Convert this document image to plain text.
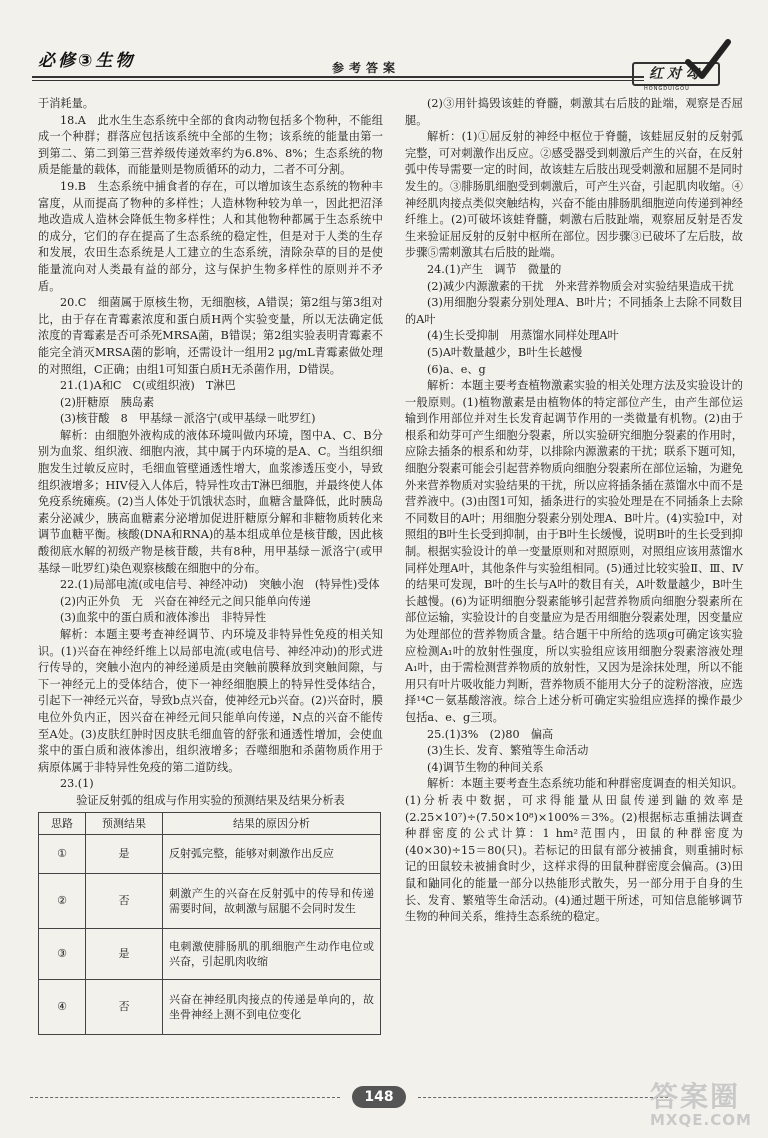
必修③生物	参考答案	红对勾
HONGDUIGOU

于消耗量。

18.A　此水生生态系统中全部的食肉动物包括多个物种，不能组成一个种群；群落应包括该系统中全部的生物；该系统的能量由第一到第二、第二到第三营养级传递效率约为6.8%、8%；生态系统的物质是能量的载体，而能量则是物质循环的动力，二者不可分割。

19.B　生态系统中捕食者的存在，可以增加该生态系统的物种丰富度，从而提高了物种的多样性；人造林物种较为单一，因此把沼泽地改造成人造林会降低生物多样性；人和其他物种都属于生态系统中的成分，它们的存在提高了生态系统的稳定性，但是对于人类的生存和发展，农田生态系统是人工建立的生态系统，清除杂草的目的是使能量流向对人类最有益的部分，这与保护生物多样性的原则并不矛盾。

20.C　细菌属于原核生物，无细胞核，A错误；第2组与第3组对比，由于存在青霉素浓度和蛋白质H两个实验变量，所以无法确定低浓度的青霉素是否可杀死MRSA菌，B错误；第2组实验表明青霉素不能完全消灭MRSA菌的影响，还需设计一组用2 μg/mL青霉素做处理的对照组，C正确；由组1可知蛋白质H无杀菌作用，D错误。

21.(1)A和C　C(或组织液)　T淋巴

(2)肝糖原　胰岛素

(3)核苷酸　8　甲基绿－派洛宁(或甲基绿－吡罗红)

解析：由细胞外液构成的液体环境叫做内环境，图中A、C、B分别为血浆、组织液、细胞内液，其中属于内环境的是A、C。当组织细胞发生过敏反应时，毛细血管壁通透性增大，血浆渗透压变小，导致组织液增多；HIV侵入人体后，特异性攻击T淋巴细胞，并最终使人体免疫系统瘫痪。(2)当人体处于饥饿状态时，血糖含量降低，此时胰岛素分泌减少，胰高血糖素分泌增加促进肝糖原分解和非糖物质转化来调节血糖平衡。核酸(DNA和RNA)的基本组成单位是核苷酸，因此核酸彻底水解的初级产物是核苷酸，共有8种，用甲基绿－派洛宁(或甲基绿－吡罗红)染色观察核酸在细胞中的分布。

22.(1)局部电流(或电信号、神经冲动)　突触小泡　(特异性)受体

(2)内正外负　无　兴奋在神经元之间只能单向传递

(3)血浆中的蛋白质和液体渗出　非特异性

解析：本题主要考查神经调节、内环境及非特异性免疫的相关知识。(1)兴奋在神经纤维上以局部电流(或电信号、神经冲动)的形式进行传导的，突触小泡内的神经递质是由突触前膜释放到突触间隙，与下一神经元上的受体结合，使下一神经细胞膜上的特异性受体结合，引起下一神经元兴奋，导致b点兴奋，使神经元b兴奋。(2)兴奋时，膜电位外负内正，因兴奋在神经元间只能单向传递，N点的兴奋不能传至A处。(3)皮肤红肿时因皮肤毛细血管的舒张和通透性增加，会使血浆中的蛋白质和液体渗出，组织液增多；吞噬细胞和杀菌物质作用于病原体属于非特异性免疫的第二道防线。

23.(1)

验证反射弧的组成与作用实验的预测结果及结果分析表

思路	预测结果	结果的原因分析
①	是	反射弧完整，能够对刺激作出反应
②	否	刺激产生的兴奋在反射弧中的传导和传递需要时间，故刺激与屈腿不会同时发生
③	是	电刺激使腓肠肌的肌细胞产生动作电位或兴奋，引起肌肉收缩
④	否	兴奋在神经肌肉接点的传递是单向的，故坐骨神经上测不到电位变化

(2)③用针捣毁该蛙的脊髓，刺激其右后肢的趾端，观察是否屈腿。

解析：(1)①屈反射的神经中枢位于脊髓，该蛙屈反射的反射弧完整，可对刺激作出反应。②感受器受到刺激后产生的兴奋，在反射弧中传导需要一定的时间，故该蛙左后肢出现受刺激和屈腿不是同时发生的。③腓肠肌细胞受到刺激后，可产生兴奋，引起肌肉收缩。④神经肌肉接点类似突触结构，兴奋不能由腓肠肌细胞逆向传递到神经纤维上。(2)可破坏该蛙脊髓，刺激右后肢趾端，观察屈反射是否发生来验证屈反射的反射中枢所在部位。因步骤③已破坏了左后肢，故步骤⑤需刺激其右后肢的趾端。

24.(1)产生　调节　微量的

(2)减少内源激素的干扰　外来营养物质会对实验结果造成干扰

(3)用细胞分裂素分别处理A、B叶片；不同插条上去除不同数目的A叶

(4)生长受抑制　用蒸馏水同样处理A叶

(5)A叶数量越少，B叶生长越慢

(6)a、e、g

解析：本题主要考查植物激素实验的相关处理方法及实验设计的一般原则。(1)植物激素是由植物体的特定部位产生，由产生部位运输到作用部位并对生长发育起调节作用的一类微量有机物。(2)由于根系和幼芽可产生细胞分裂素，所以实验研究细胞分裂素的作用时，应除去插条的根系和幼芽，以排除内源激素的干扰；联系下题可知，细胞分裂素可能会引起营养物质向细胞分裂素所在部位运输，为避免外来营养物质对实验结果的干扰，所以应将插条插在蒸馏水中而不是营养液中。(3)由图1可知，插条进行的实验处理是在不同插条上去除不同数目的A叶；用细胞分裂素分别处理A、B叶片。(4)实验Ⅰ中，对照组的B叶生长受到抑制，由于B叶生长缓慢，说明B叶的生长受到抑制。根据实验设计的单一变量原则和对照原则，对照组应该用蒸馏水同样处理A叶，其他条件与实验组相同。(5)通过比较实验Ⅱ、Ⅲ、Ⅳ的结果可发现，B叶的生长与A叶的数目有关，A叶数量越少，B叶生长越慢。(6)为证明细胞分裂素能够引起营养物质向细胞分裂素所在部位运输，实验设计的自变量应为是否用细胞分裂素处理，因变量应为处理部位的营养物质含量。结合题干中所给的选项g可确定该实验应检测A₁叶的放射性强度，所以实验组应该用细胞分裂素溶液处理A₁叶，由于需检测营养物质的放射性，又因为是涂抹处理，所以不能用只有叶片吸收能力判断，营养物质不能用大分子的淀粉溶液，应选择¹⁴C－氨基酸溶液。综合上述分析可确定实验组应选择的操作最少包括a、e、g三项。

25.(1)3%　(2)80　偏高

(3)生长、发育、繁殖等生命活动

(4)调节生物的种间关系

解析：本题主要考查生态系统功能和种群密度调查的相关知识。(1)分析表中数据，可求得能量从田鼠传递到鼬的效率是(2.25×10⁷)÷(7.50×10⁸)×100%＝3%。(2)根据标志重捕法调查种群密度的公式计算：1 hm²范围内，田鼠的种群密度为(40×30)÷15＝80(只)。若标记的田鼠有部分被捕食，则重捕时标记的田鼠较未被捕食时少，这样求得的田鼠种群密度会偏高。(3)田鼠和鼬同化的能量一部分以热能形式散失，另一部分用于自身的生长、发育、繁殖等生命活动。(4)通过题干所述，可知信息能够调节生物的种间关系，维持生态系统的稳定。

148	答案圈
MXQE.COM
